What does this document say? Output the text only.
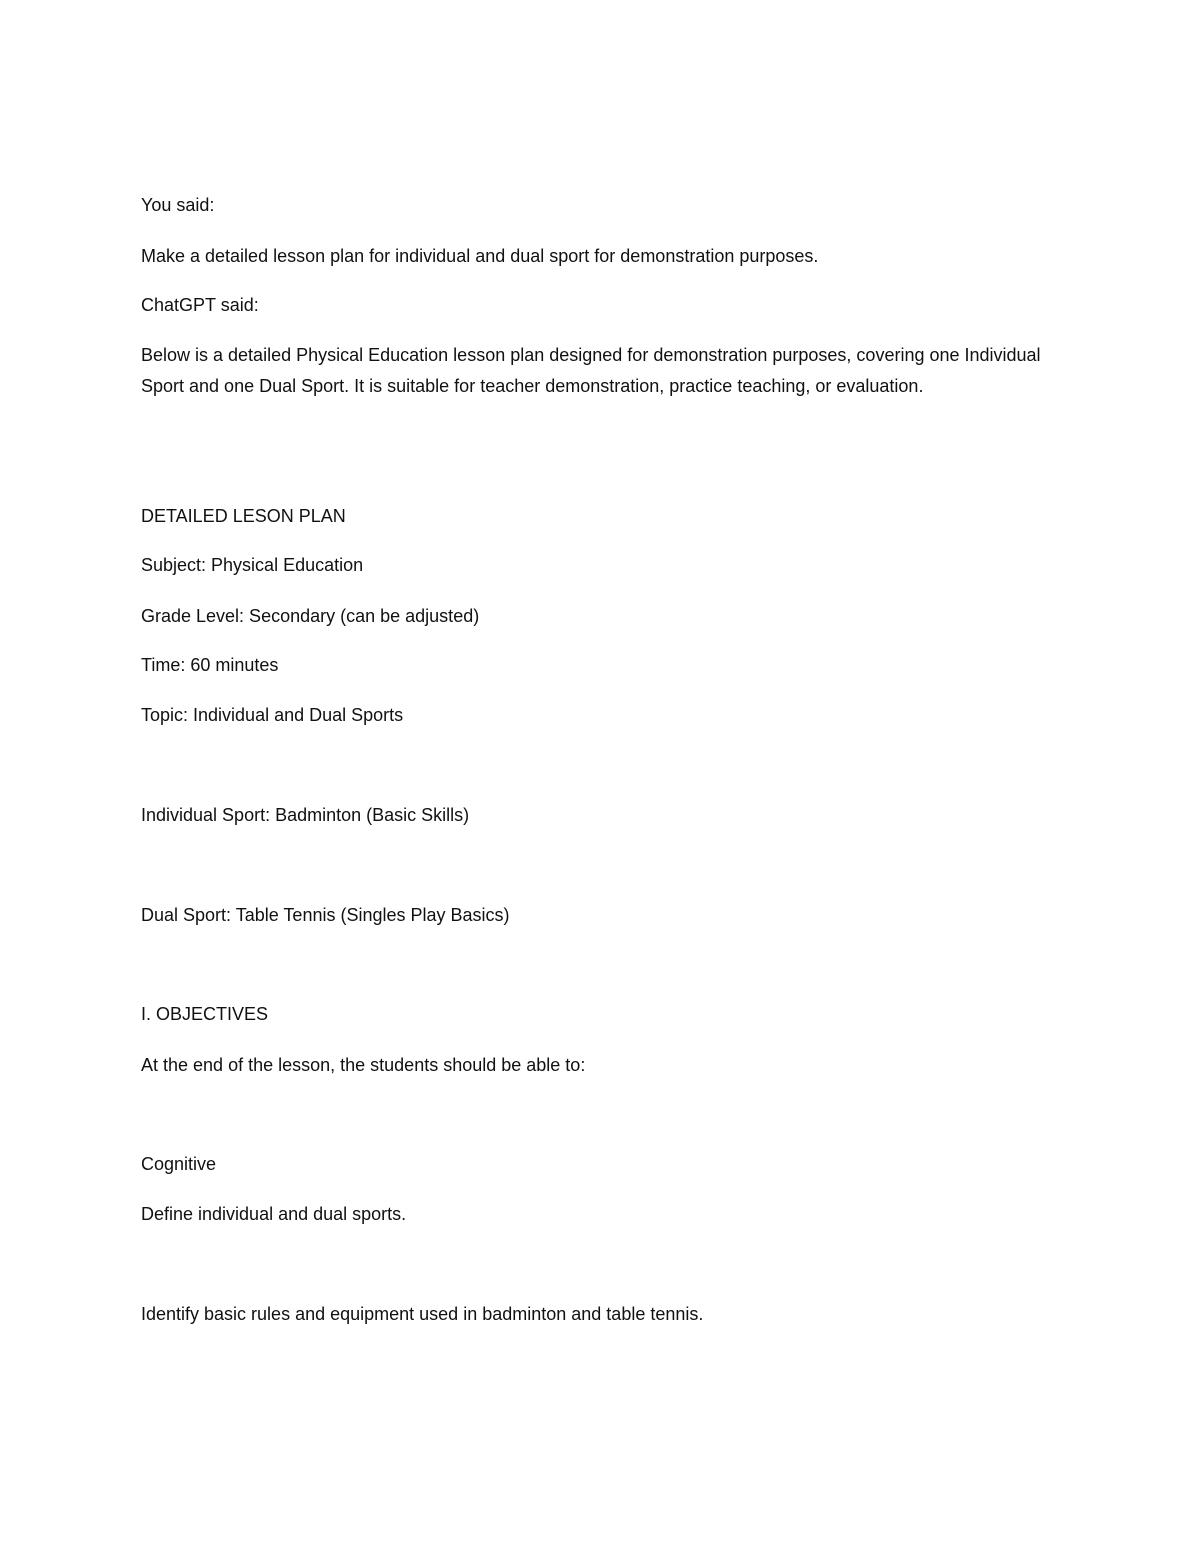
You said:

Make a detailed lesson plan for individual and dual sport for demonstration purposes.

ChatGPT said:

Below is a detailed Physical Education lesson plan designed for demonstration purposes, covering one Individual Sport and one Dual Sport. It is suitable for teacher demonstration, practice teaching, or evaluation.

DETAILED LESON PLAN

Subject: Physical Education

Grade Level: Secondary (can be adjusted)

Time: 60 minutes

Topic: Individual and Dual Sports

Individual Sport: Badminton (Basic Skills)

Dual Sport: Table Tennis (Singles Play Basics)

I. OBJECTIVES

At the end of the lesson, the students should be able to:

Cognitive

Define individual and dual sports.

Identify basic rules and equipment used in badminton and table tennis.
